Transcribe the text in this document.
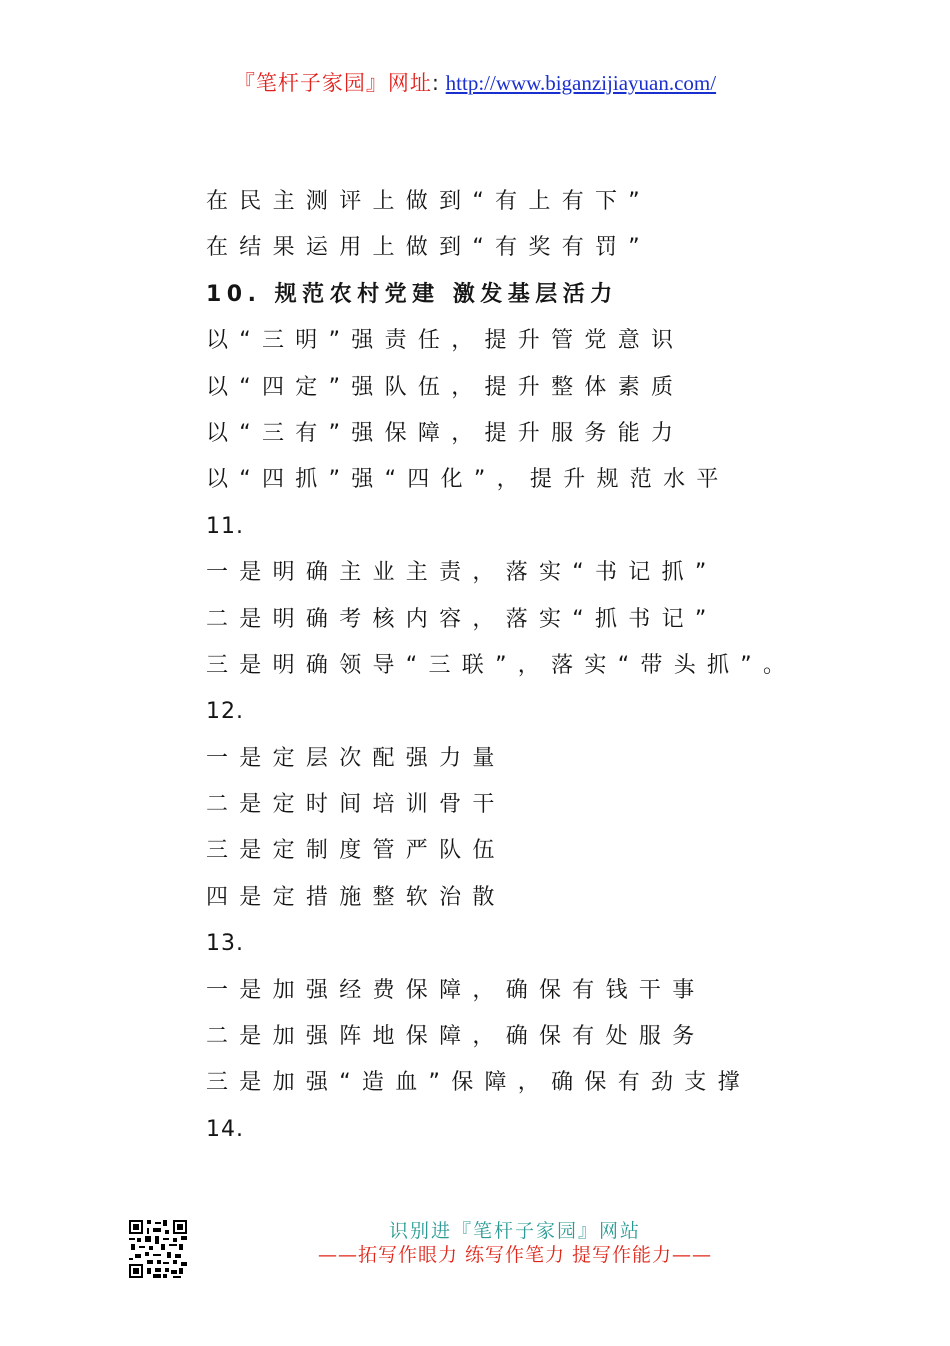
『笔杆子家园』网址: http://www.biganzijiayuan.com/
在民主测评上做到“有上有下”
在结果运用上做到“有奖有罚”
10. 规范农村党建 激发基层活力
以“三明”强责任，提升管党意识
以“四定”强队伍，提升整体素质
以“三有”强保障，提升服务能力
以“四抓”强“四化”，提升规范水平
11.
一是明确主业主责，落实“书记抓”
二是明确考核内容，落实“抓书记”
三是明确领导“三联”，落实“带头抓”。
12.
一是定层次配强力量
二是定时间培训骨干
三是定制度管严队伍
四是定措施整软治散
13.
一是加强经费保障，确保有钱干事
二是加强阵地保障，确保有处服务
三是加强“造血”保障，确保有劲支撑
14.
识别进『笔杆子家园』网站
——拓写作眼力 练写作笔力 提写作能力——
